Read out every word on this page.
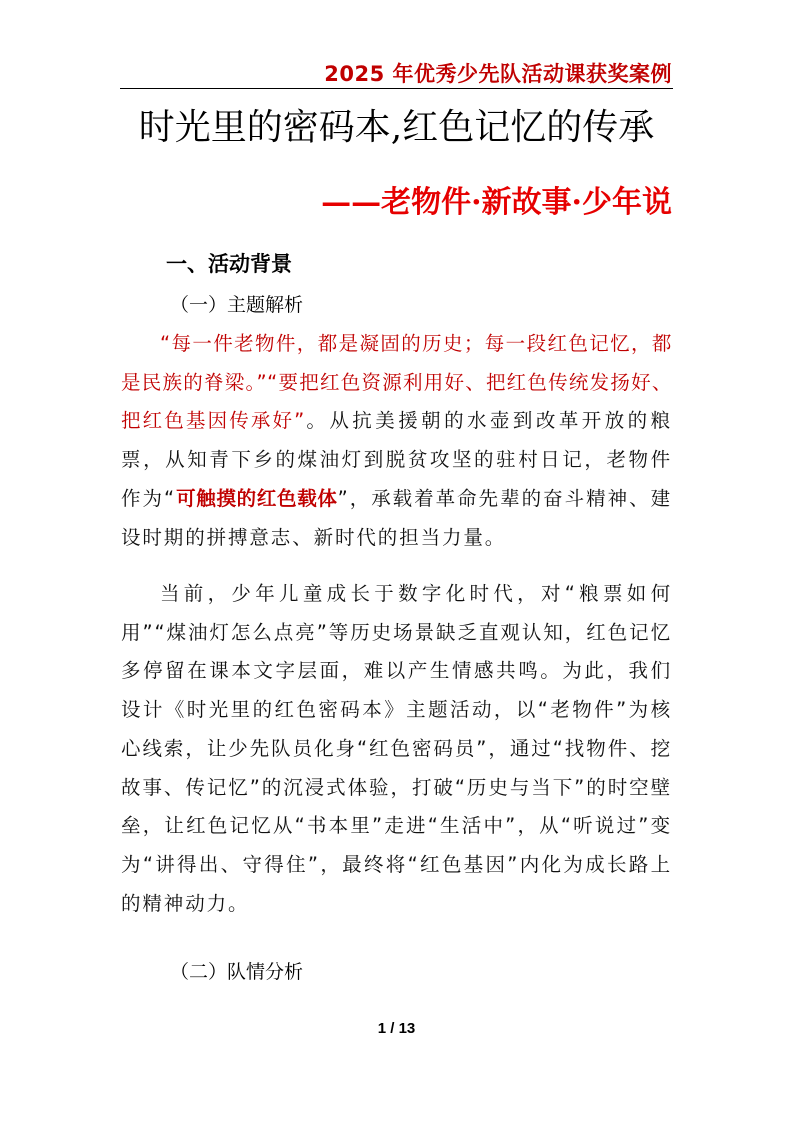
2025 年优秀少先队活动课获奖案例
时光里的密码本,红色记忆的传承
——老物件·新故事·少年说
一、活动背景
（一）主题解析
“每一件老物件，都是凝固的历史；每一段红色记忆，都是民族的脊梁。”“要把红色资源利用好、把红色传统发扬好、把红色基因传承好”。从抗美援朝的水壶到改革开放的粮票，从知青下乡的煤油灯到脱贫攻坚的驻村日记，老物件作为“可触摸的红色载体”，承载着革命先辈的奋斗精神、建设时期的拼搏意志、新时代的担当力量。
当前，少年儿童成长于数字化时代，对“粮票如何用”“煤油灯怎么点亮”等历史场景缺乏直观认知，红色记忆多停留在课本文字层面，难以产生情感共鸣。为此，我们设计《时光里的红色密码本》主题活动，以“老物件”为核心线索，让少先队员化身“红色密码员”，通过“找物件、挖故事、传记忆”的沉浸式体验，打破“历史与当下”的时空壁垒，让红色记忆从“书本里”走进“生活中”，从“听说过”变为“讲得出、守得住”，最终将“红色基因”内化为成长路上的精神动力。
（二）队情分析
1 / 13
